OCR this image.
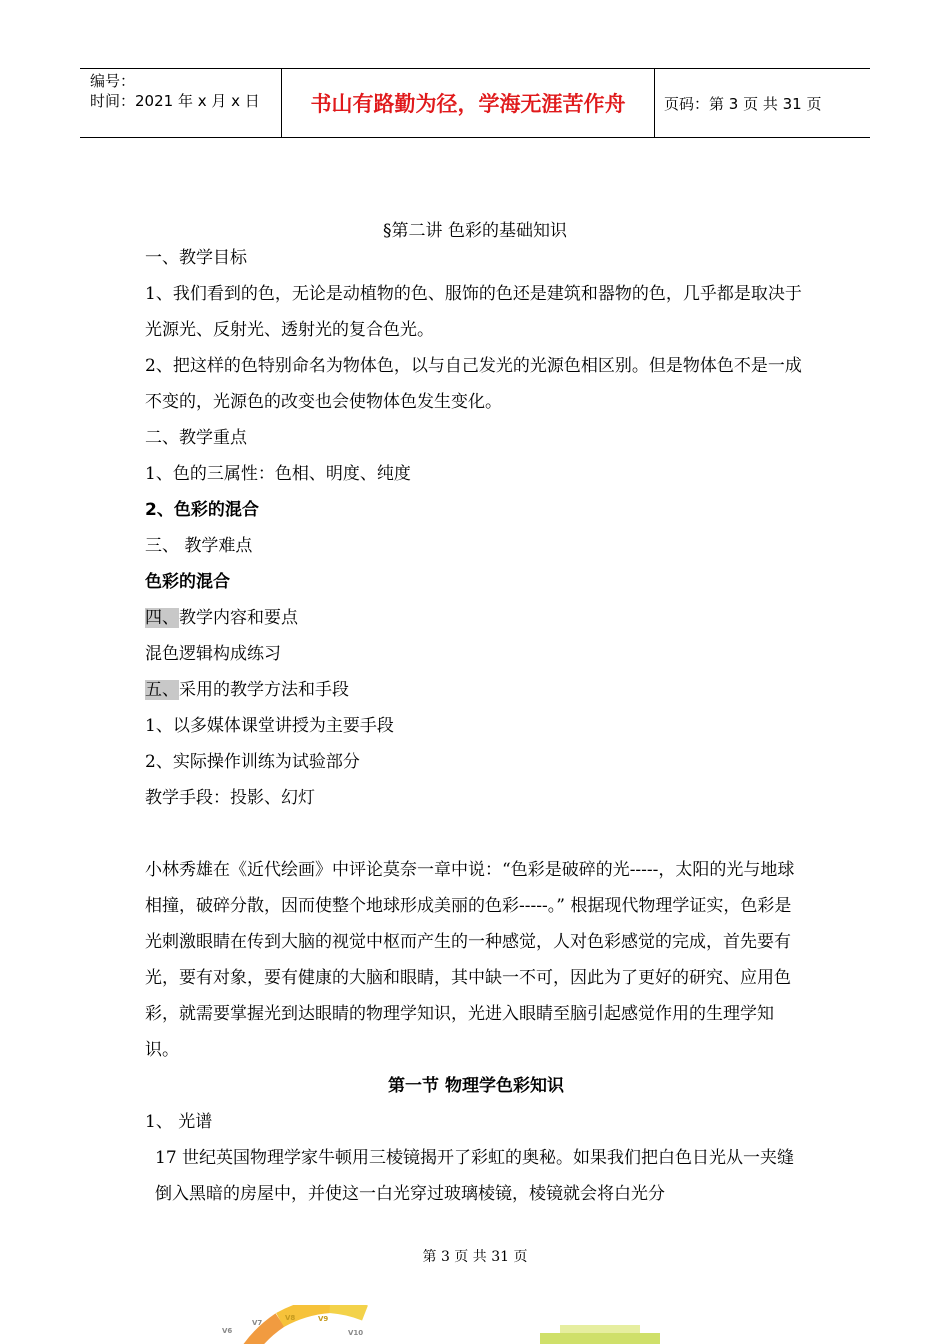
编号：
时间：2021 年 x 月 x 日	书山有路勤为径，学海无涯苦作舟	页码：第 3 页 共 31 页
§第二讲 色彩的基础知识

一、教学目标

1、我们看到的色，无论是动植物的色、服饰的色还是建筑和器物的色，几乎都是取决于光源光、反射光、透射光的复合色光。

2、把这样的色特别命名为物体色，以与自己发光的光源色相区别。但是物体色不是一成不变的，光源色的改变也会使物体色发生变化。

二、教学重点

1、色的三属性：色相、明度、纯度

2、色彩的混合

三、 教学难点

色彩的混合

四、教学内容和要点

混色逻辑构成练习

五、采用的教学方法和手段

1、以多媒体课堂讲授为主要手段

2、实际操作训练为试验部分

教学手段：投影、幻灯

小林秀雄在《近代绘画》中评论莫奈一章中说：“色彩是破碎的光-----，太阳的光与地球相撞，破碎分散，因而使整个地球形成美丽的色彩-----。” 根据现代物理学证实，色彩是光刺激眼睛在传到大脑的视觉中枢而产生的一种感觉，人对色彩感觉的完成，首先要有光，要有对象，要有健康的大脑和眼睛，其中缺一不可，因此为了更好的研究、应用色彩，就需要掌握光到达眼睛的物理学知识，光进入眼睛至脑引起感觉作用的生理学知识。

第一节 物理学色彩知识

1、 光谱

17 世纪英国物理学家牛顿用三棱镜揭开了彩虹的奥秘。如果我们把白色日光从一夹缝倒入黑暗的房屋中，并使这一白光穿过玻璃棱镜，棱镜就会将白光分

第 3 页 共 31 页
V6
V7
V8	V9
V10
